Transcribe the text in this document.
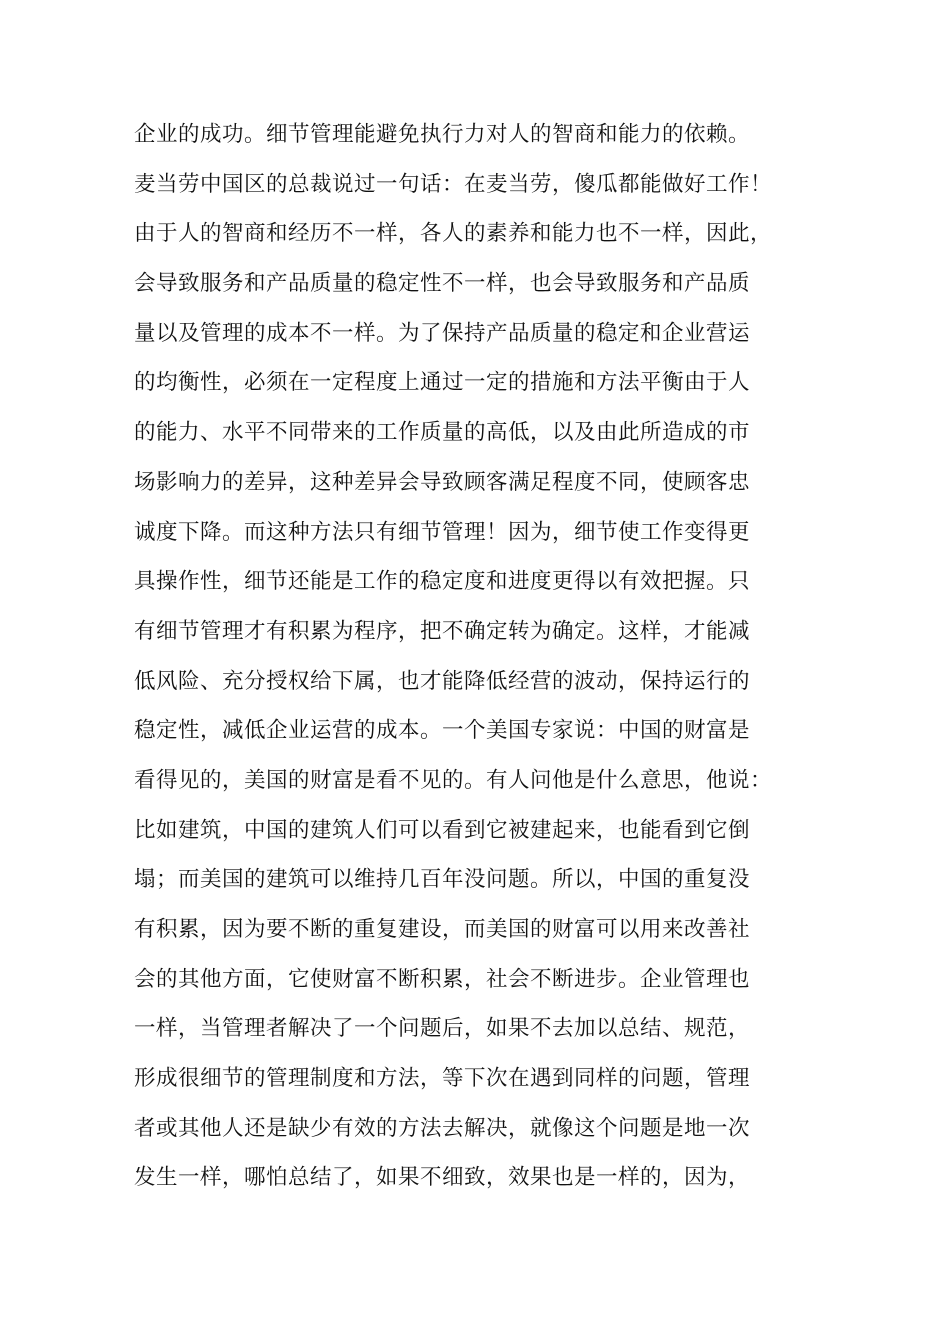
企业的成功。细节管理能避免执行力对人的智商和能力的依赖。
麦当劳中国区的总裁说过一句话：在麦当劳，傻瓜都能做好工作！
由于人的智商和经历不一样，各人的素养和能力也不一样，因此，
会导致服务和产品质量的稳定性不一样，也会导致服务和产品质
量以及管理的成本不一样。为了保持产品质量的稳定和企业营运
的均衡性，必须在一定程度上通过一定的措施和方法平衡由于人
的能力、水平不同带来的工作质量的高低，以及由此所造成的市
场影响力的差异，这种差异会导致顾客满足程度不同，使顾客忠
诚度下降。而这种方法只有细节管理！因为，细节使工作变得更
具操作性，细节还能是工作的稳定度和进度更得以有效把握。只
有细节管理才有积累为程序，把不确定转为确定。这样，才能减
低风险、充分授权给下属，也才能降低经营的波动，保持运行的
稳定性，减低企业运营的成本。一个美国专家说：中国的财富是
看得见的，美国的财富是看不见的。有人问他是什么意思，他说：
比如建筑，中国的建筑人们可以看到它被建起来，也能看到它倒
塌；而美国的建筑可以维持几百年没问题。所以，中国的重复没
有积累，因为要不断的重复建设，而美国的财富可以用来改善社
会的其他方面，它使财富不断积累，社会不断进步。企业管理也
一样，当管理者解决了一个问题后，如果不去加以总结、规范，
形成很细节的管理制度和方法，等下次在遇到同样的问题，管理
者或其他人还是缺少有效的方法去解决，就像这个问题是地一次
发生一样，哪怕总结了，如果不细致，效果也是一样的，因为，
